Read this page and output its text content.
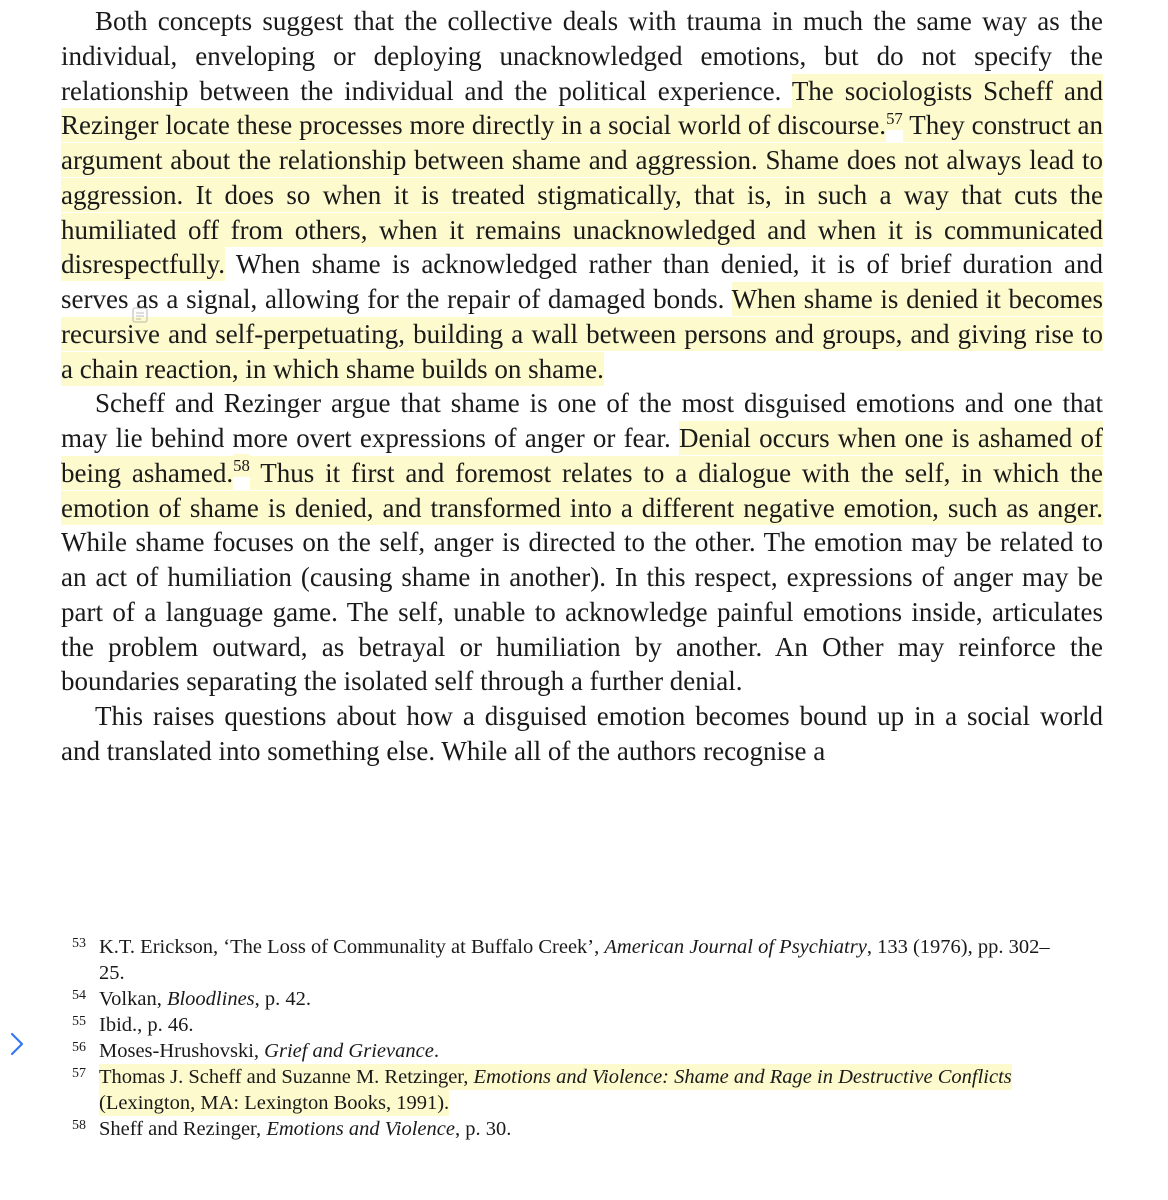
Both concepts suggest that the collective deals with trauma in much the same way as the individual, enveloping or deploying unacknowledged emotions, but do not specify the relationship between the individual and the political experience. The sociologists Scheff and Rezinger locate these processes more directly in a social world of discourse.$^{57}$ They construct an argument about the relationship between shame and aggression. Shame does not always lead to aggression. It does so when it is treated stigmatically, that is, in such a way that cuts the humiliated off from others, when it remains unacknowledged and when it is communicated disrespectfully. When shame is acknowledged rather than denied, it is of brief duration and serves as a signal, allowing for the repair of damaged bonds. When shame is denied it becomes recursive and self-perpetuating, building a wall between persons and groups, and giving rise to a chain reaction, in which shame builds on shame.

Scheff and Rezinger argue that shame is one of the most disguised emotions and one that may lie behind more overt expressions of anger or fear. Denial occurs when one is ashamed of being ashamed.$^{58}$ Thus it first and foremost relates to a dialogue with the self, in which the emotion of shame is denied, and transformed into a different negative emotion, such as anger. While shame focuses on the self, anger is directed to the other. The emotion may be related to an act of humiliation (causing shame in another). In this respect, expressions of anger may be part of a language game. The self, unable to acknowledge painful emotions inside, articulates the problem outward, as betrayal or humiliation by another. An Other may reinforce the boundaries separating the isolated self through a further denial.

This raises questions about how a disguised emotion becomes bound up in a social world and translated into something else. While all of the authors recognise a

53 K.T. Erickson, ‘The Loss of Communality at Buffalo Creek’, American Journal of Psychiatry, 133 (1976), pp. 302–25.
54 Volkan, Bloodlines, p. 42.
55 Ibid., p. 46.
56 Moses-Hrushovski, Grief and Grievance.
57 Thomas J. Scheff and Suzanne M. Retzinger, Emotions and Violence: Shame and Rage in Destructive Conflicts (Lexington, MA: Lexington Books, 1991).
58 Sheff and Rezinger, Emotions and Violence, p. 30.
